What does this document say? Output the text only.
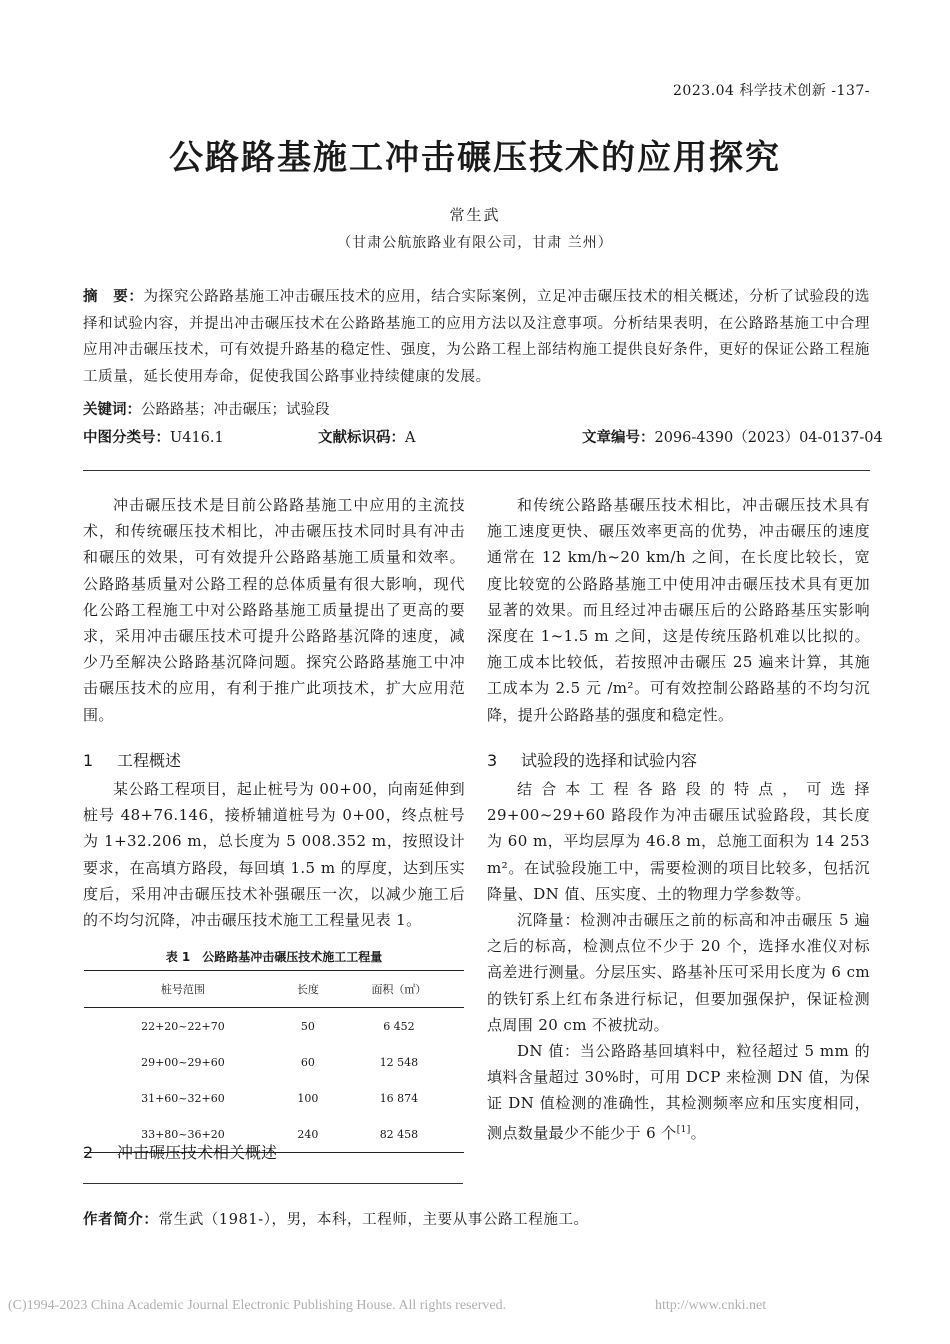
2023.04 科学技术创新 -137-
公路路基施工冲击碾压技术的应用探究
常生武
（甘肃公航旅路业有限公司，甘肃 兰州）
摘　要：为探究公路路基施工冲击碾压技术的应用，结合实际案例，立足冲击碾压技术的相关概述，分析了试验段的选择和试验内容，并提出冲击碾压技术在公路路基施工的应用方法以及注意事项。分析结果表明，在公路路基施工中合理应用冲击碾压技术，可有效提升路基的稳定性、强度，为公路工程上部结构施工提供良好条件，更好的保证公路工程施工质量，延长使用寿命，促使我国公路事业持续健康的发展。
关键词：公路路基；冲击碾压；试验段
中图分类号：U416.1	文献标识码：A	文章编号：2096-4390（2023）04-0137-04

冲击碾压技术是目前公路路基施工中应用的主流技术，和传统碾压技术相比，冲击碾压技术同时具有冲击和碾压的效果，可有效提升公路路基施工质量和效率。公路路基质量对公路工程的总体质量有很大影响，现代化公路工程施工中对公路路基施工质量提出了更高的要求，采用冲击碾压技术可提升公路路基沉降的速度，减少乃至解决公路路基沉降问题。探究公路路基施工中冲击碾压技术的应用，有利于推广此项技术，扩大应用范围。

1 工程概述

某公路工程项目，起止桩号为 00+00，向南延伸到桩号 48+76.146，接桥辅道桩号为 0+00，终点桩号为 1+32.206 m，总长度为 5 008.352 m，按照设计要求，在高填方路段，每回填 1.5 m 的厚度，达到压实度后，采用冲击碾压技术补强碾压一次，以减少施工后的不均匀沉降，冲击碾压技术施工工程量见表 1。

表 1　公路路基冲击碾压技术施工工程量
桩号范围	长度	面积（㎡）
22+20~22+70	50	6 452
29+00~29+60	60	12 548
31+60~32+60	100	16 874
33+80~36+20	240	82 458
2 冲击碾压技术相关概述

和传统公路路基碾压技术相比，冲击碾压技术具有施工速度更快、碾压效率更高的优势，冲击碾压的速度通常在 12 km/h~20 km/h 之间，在长度比较长，宽度比较宽的公路路基施工中使用冲击碾压技术具有更加显著的效果。而且经过冲击碾压后的公路路基压实影响深度在 1~1.5 m 之间，这是传统压路机难以比拟的。施工成本比较低，若按照冲击碾压 25 遍来计算，其施工成本为 2.5 元 /m²。可有效控制公路路基的不均匀沉降，提升公路路基的强度和稳定性。

3 试验段的选择和试验内容

结合本工程各路段的特点，可选择 29+00~29+60 路段作为冲击碾压试验路段，其长度为 60 m，平均层厚为 46.8 m，总施工面积为 14 253 m²。在试验段施工中，需要检测的项目比较多，包括沉降量、DN 值、压实度、土的物理力学参数等。

沉降量：检测冲击碾压之前的标高和冲击碾压 5 遍之后的标高，检测点位不少于 20 个，选择水准仪对标高差进行测量。分层压实、路基补压可采用长度为 6 cm 的铁钉系上红布条进行标记，但要加强保护，保证检测点周围 20 cm 不被扰动。

DN 值：当公路路基回填料中，粒径超过 5 mm 的填料含量超过 30%时，可用 DCP 来检测 DN 值，为保证 DN 值检测的准确性，其检测频率应和压实度相同，测点数量最少不能少于 6 个[1]。

作者简介：常生武（1981-），男，本科，工程师，主要从事公路工程施工。
(C)1994-2023 China Academic Journal Electronic Publishing House. All rights reserved.	http://www.cnki.net
